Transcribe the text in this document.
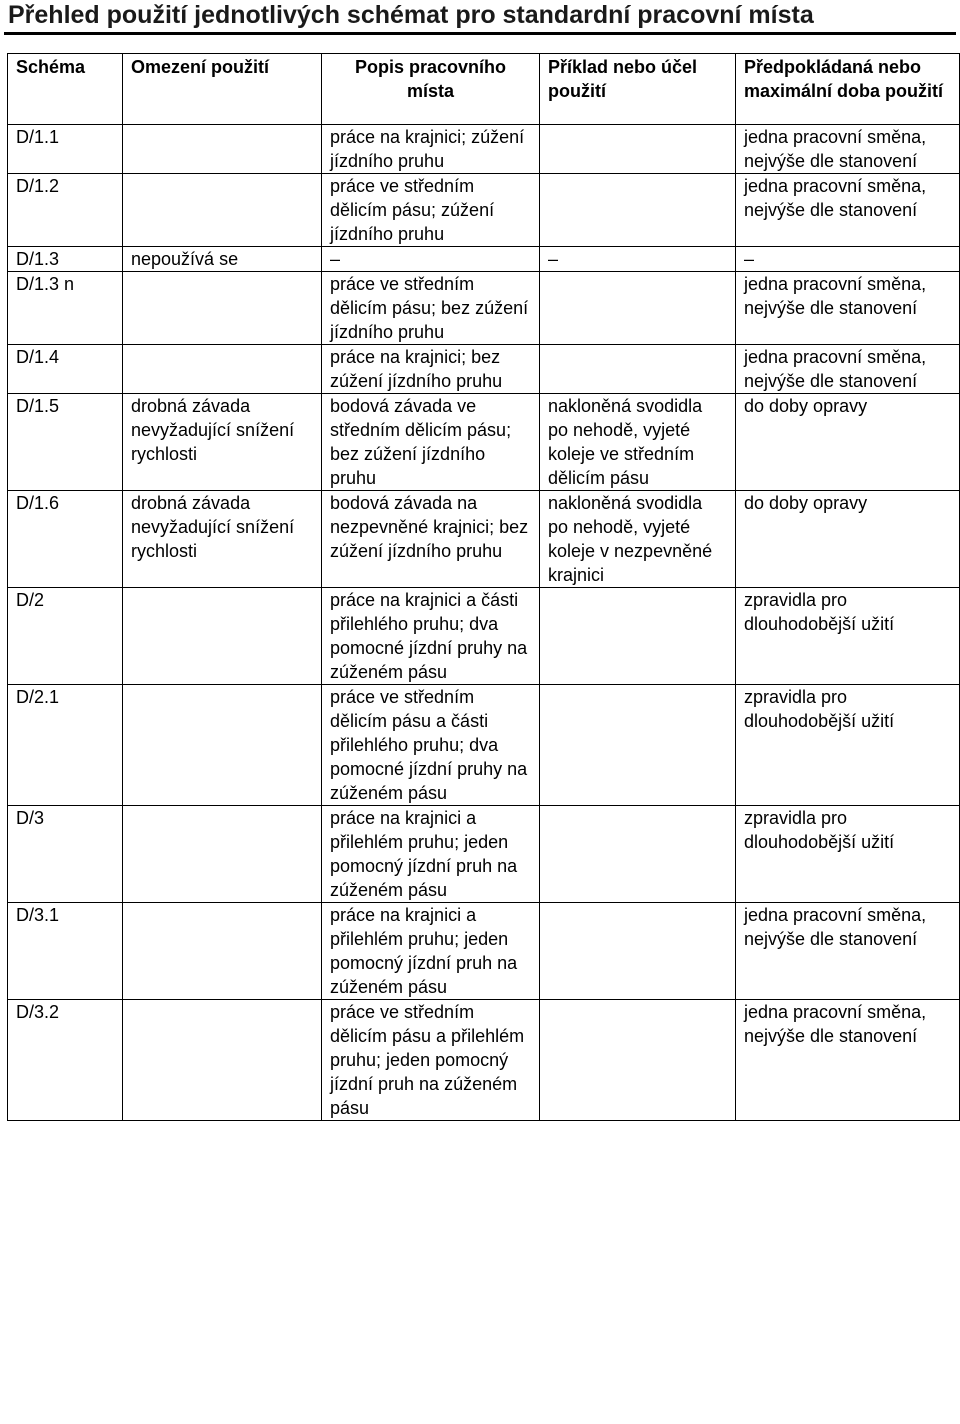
Přehled použití jednotlivých schémat pro standardní pracovní místa
Schéma	Omezení použití	Popis pracovního místa	Příklad nebo účel použití	Předpokládaná nebo maximální doba použití
D/1.1		práce na krajnici; zúžení jízdního pruhu		jedna pracovní směna, nejvýše dle stanovení
D/1.2		práce ve středním dělicím pásu; zúžení jízdního pruhu		jedna pracovní směna, nejvýše dle stanovení
D/1.3	nepoužívá se	–	–	–
D/1.3 n		práce ve středním dělicím pásu; bez zúžení jízdního pruhu		jedna pracovní směna, nejvýše dle stanovení
D/1.4		práce na krajnici; bez zúžení jízdního pruhu		jedna pracovní směna, nejvýše dle stanovení
D/1.5	drobná závada nevyžadující snížení rychlosti	bodová závada ve středním dělicím pásu; bez zúžení jízdního pruhu	nakloněná svodidla po nehodě, vyjeté koleje ve středním dělicím pásu	do doby opravy
D/1.6	drobná závada nevyžadující snížení rychlosti	bodová závada na nezpevněné krajnici; bez zúžení jízdního pruhu	nakloněná svodidla po nehodě, vyjeté koleje v nezpevněné krajnici	do doby opravy
D/2		práce na krajnici a části přilehlého pruhu; dva pomocné jízdní pruhy na zúženém pásu		zpravidla pro dlouhodobější užití
D/2.1		práce ve středním dělicím pásu a části přilehlého pruhu; dva pomocné jízdní pruhy na zúženém pásu		zpravidla pro dlouhodobější užití
D/3		práce na krajnici a přilehlém pruhu; jeden pomocný jízdní pruh na zúženém pásu		zpravidla pro dlouhodobější užití
D/3.1		práce na krajnici a přilehlém pruhu; jeden pomocný jízdní pruh na zúženém pásu		jedna pracovní směna, nejvýše dle stanovení
D/3.2		práce ve středním dělicím pásu a přilehlém pruhu; jeden pomocný jízdní pruh na zúženém pásu		jedna pracovní směna, nejvýše dle stanovení
